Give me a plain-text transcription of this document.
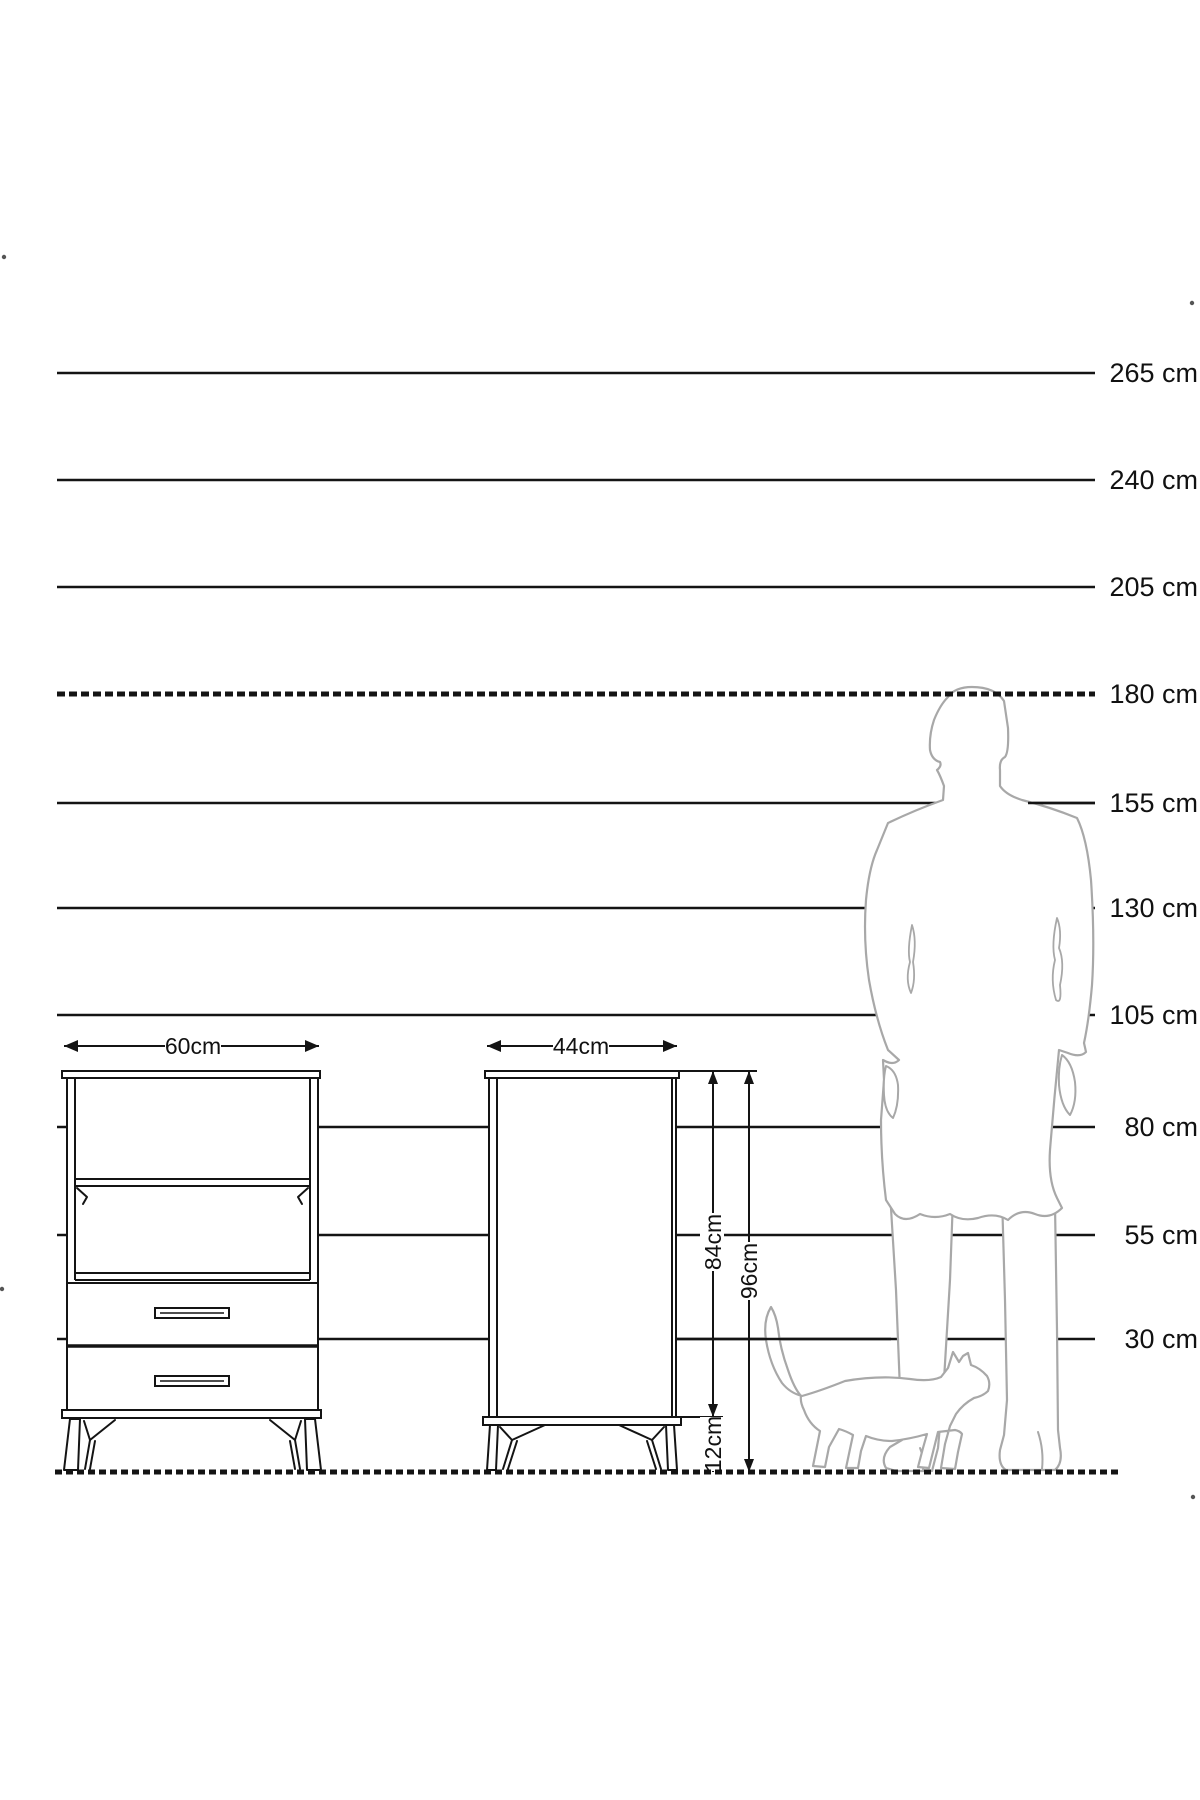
265 cm
240 cm
205 cm
180 cm
155 cm
130 cm
105 cm
80 cm
55 cm
30 cm
60cm	44cm
84cm
96cm
12cm
